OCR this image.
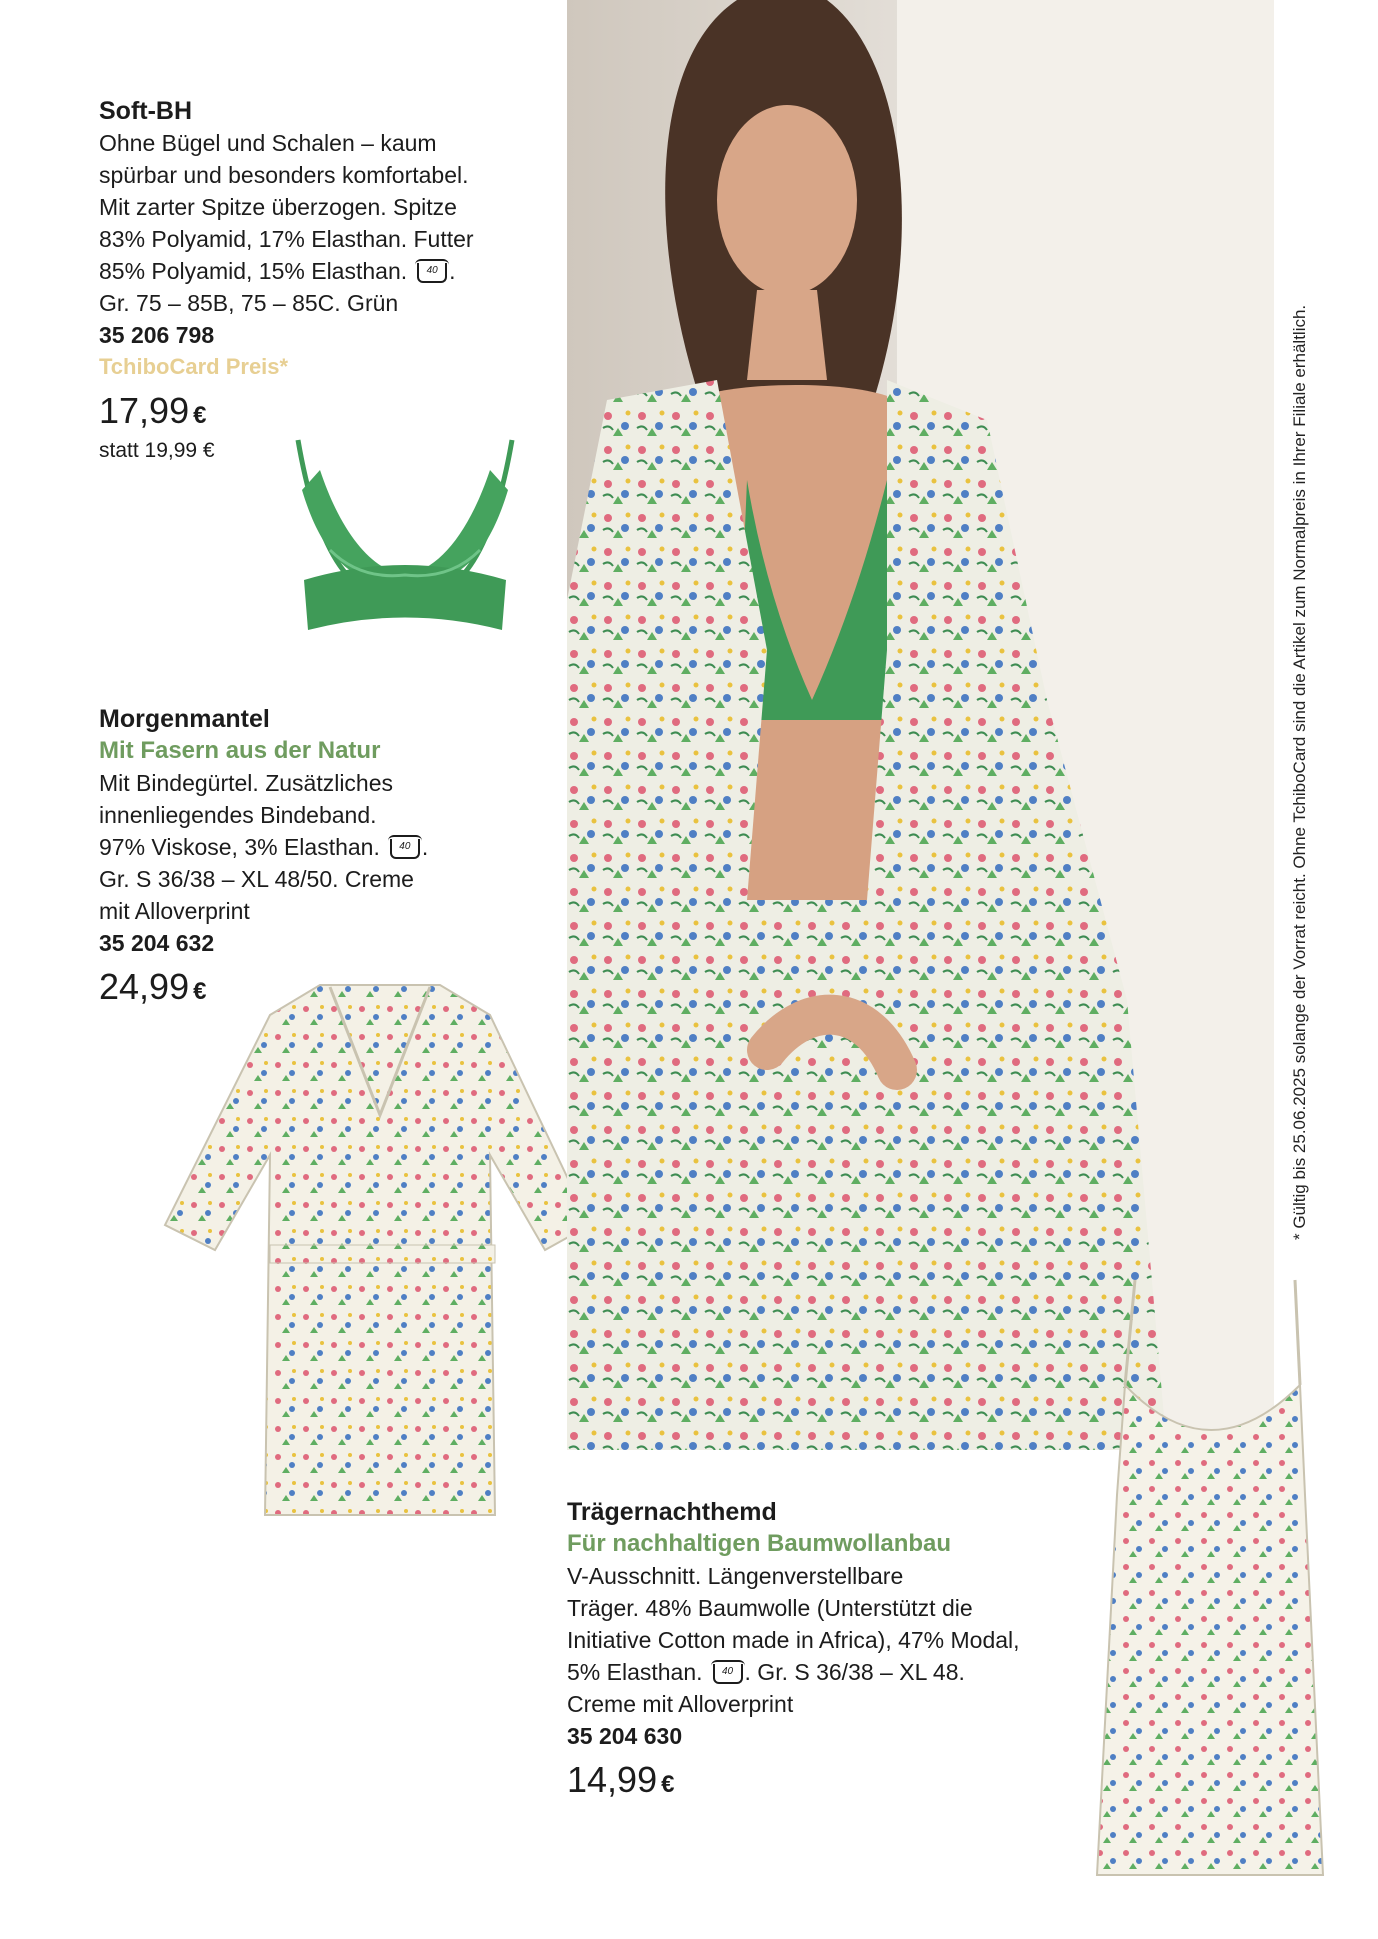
Soft-BH
Ohne Bügel und Schalen – kaum
spürbar und besonders komfortabel.
Mit zarter Spitze überzogen. Spitze
83% Polyamid, 17% Elasthan. Futter
85% Polyamid, 15% Elasthan. 40 .
Gr. 75 – 85B, 75 – 85C. Grün
35 206 798
TchiboCard Preis*
17,99 €
statt 19,99 €
Morgenmantel
Mit Fasern aus der Natur
Mit Bindegürtel. Zusätzliches
innenliegendes Bindeband.
97% Viskose, 3% Elasthan. 40 .
Gr. S 36/38 – XL 48/50. Creme
mit Alloverprint
35 204 632
24,99 €	* Gültig bis 25.06.2025 solange der Vorrat reicht. Ohne TchiboCard sind die Artikel zum Normalpreis in Ihrer Filiale erhältlich.
Trägernachthemd
Für nachhaltigen Baumwollanbau
V-Ausschnitt. Längenverstellbare
Träger. 48% Baumwolle (Unterstützt die
Initiative Cotton made in Africa), 47% Modal,
5% Elasthan. 40 . Gr. S 36/38 – XL 48.
Creme mit Alloverprint
35 204 630
14,99 €
